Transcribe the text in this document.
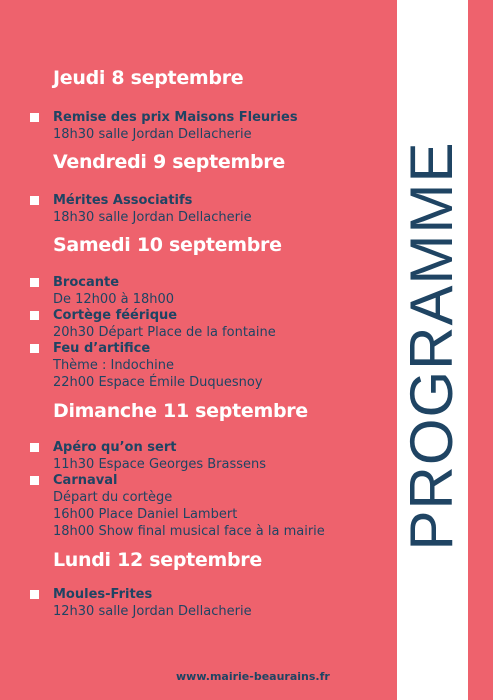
PROGRAMME
Jeudi 8 septembre
Remise des prix Maisons Fleuries
18h30 salle Jordan Dellacherie
Vendredi 9 septembre
Mérites Associatifs
18h30 salle Jordan Dellacherie
Samedi 10 septembre
Brocante
De 12h00 à 18h00
Cortège féérique
20h30 Départ Place de la fontaine
Feu d’artifice
Thème : Indochine
22h00 Espace Émile Duquesnoy
Dimanche 11 septembre
Apéro qu’on sert
11h30 Espace Georges Brassens
Carnaval
Départ du cortège
16h00 Place Daniel Lambert
18h00 Show final musical face à la mairie
Lundi 12 septembre
Moules-Frites
12h30 salle Jordan Dellacherie
www.mairie-beaurains.fr
